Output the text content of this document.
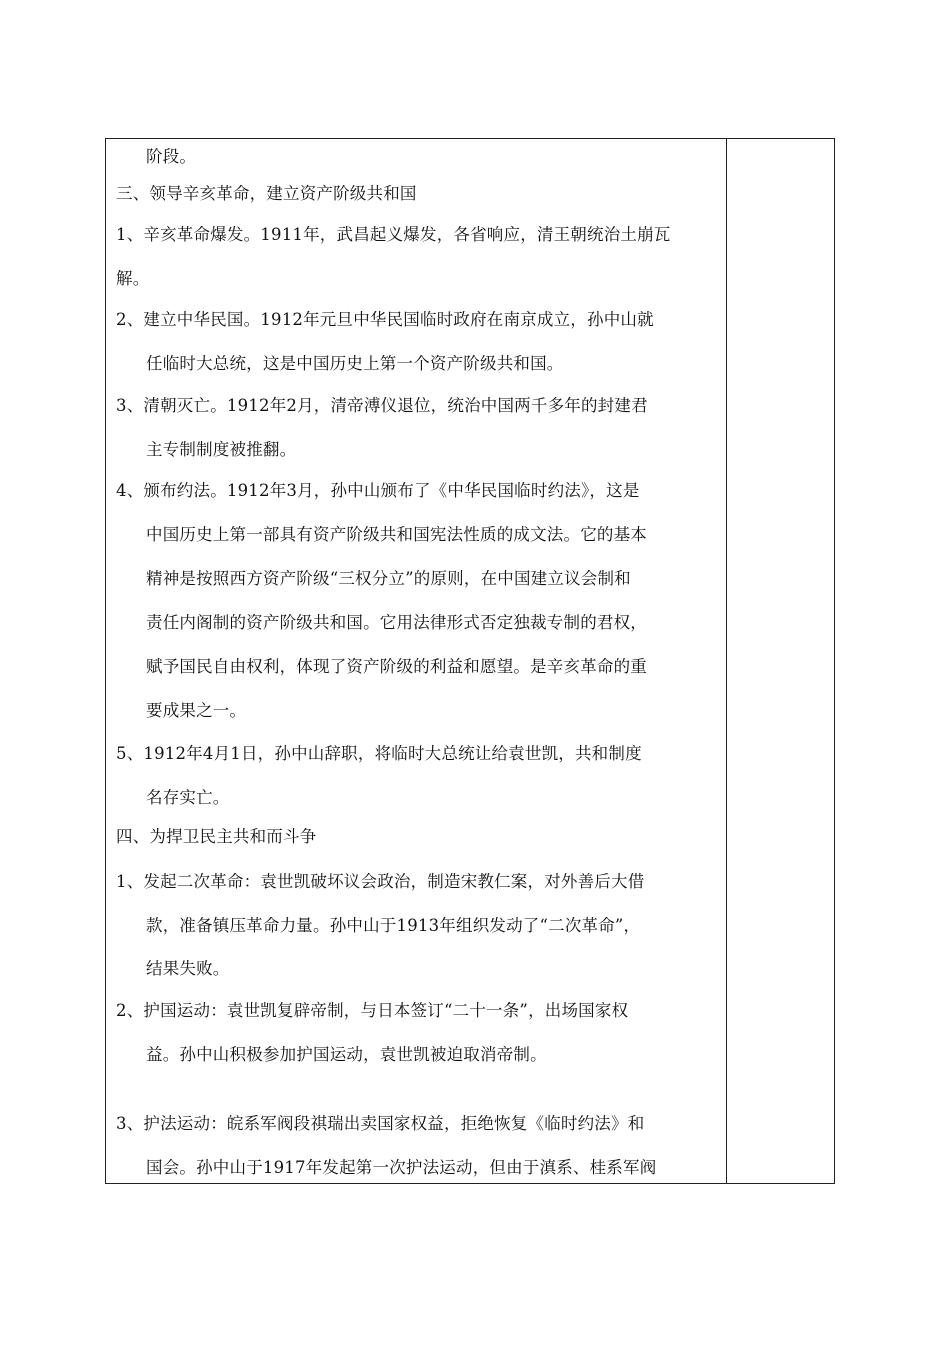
阶段。
三、领导辛亥革命，建立资产阶级共和国
1、辛亥革命爆发。1911年，武昌起义爆发，各省响应，清王朝统治土崩瓦
解。
2、建立中华民国。1912年元旦中华民国临时政府在南京成立，孙中山就
任临时大总统，这是中国历史上第一个资产阶级共和国。
3、清朝灭亡。1912年2月，清帝溥仪退位，统治中国两千多年的封建君
主专制制度被推翻。
4、颁布约法。1912年3月，孙中山颁布了《中华民国临时约法》，这是
中国历史上第一部具有资产阶级共和国宪法性质的成文法。它的基本
精神是按照西方资产阶级“三权分立”的原则，在中国建立议会制和
责任内阁制的资产阶级共和国。它用法律形式否定独裁专制的君权，
赋予国民自由权利，体现了资产阶级的利益和愿望。是辛亥革命的重
要成果之一。
5、1912年4月1日，孙中山辞职，将临时大总统让给袁世凯，共和制度
名存实亡。
四、为捍卫民主共和而斗争
1、发起二次革命：袁世凯破坏议会政治，制造宋教仁案，对外善后大借
款，准备镇压革命力量。孙中山于1913年组织发动了“二次革命”，
结果失败。
2、护国运动：袁世凯复辟帝制，与日本签订“二十一条”，出场国家权
益。孙中山积极参加护国运动，袁世凯被迫取消帝制。
3、护法运动：皖系军阀段祺瑞出卖国家权益，拒绝恢复《临时约法》和
国会。孙中山于1917年发起第一次护法运动，但由于滇系、桂系军阀
